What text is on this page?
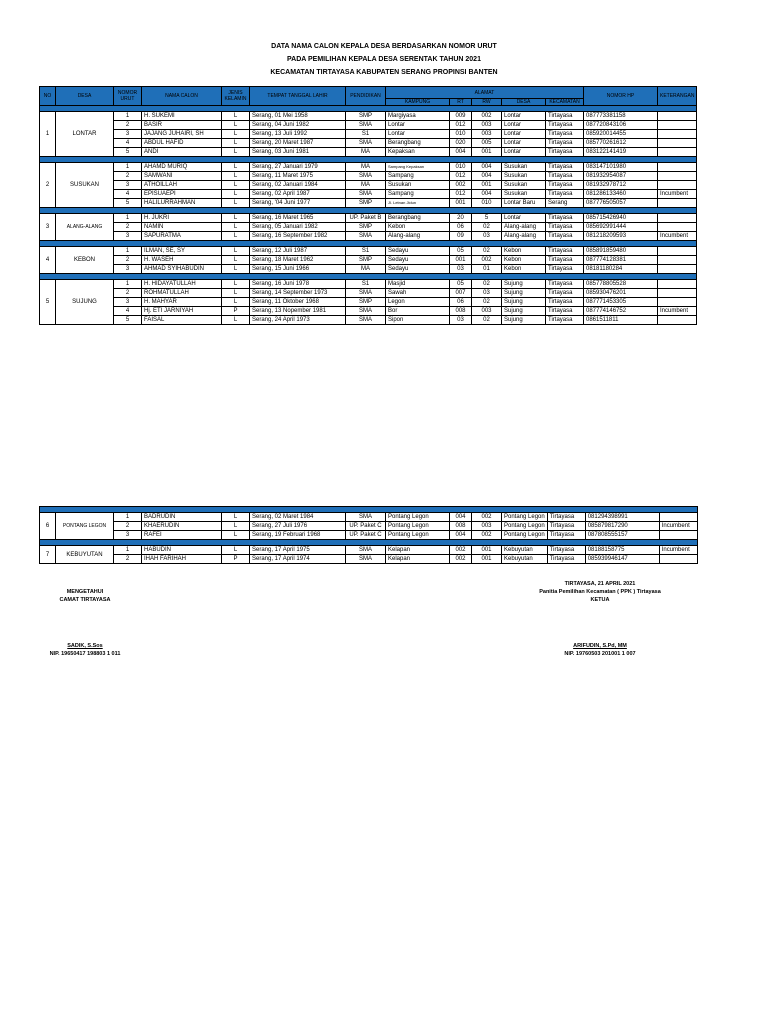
DATA NAMA CALON KEPALA DESA BERDASARKAN NOMOR URUT
PADA PEMILIHAN KEPALA DESA SERENTAK TAHUN 2021
KECAMATAN TIRTAYASA KABUPATEN SERANG PROPINSI BANTEN
NO	DESA	NOMOR URUT	NAMA CALON	JENIS KELAMIN	TEMPAT TANGGAL LAHIR	PENDIDIKAN	ALAMAT					NOMOR HP	KETERANGAN
							KAMPUNG	RT	RW	DESA	KECAMATAN		

1	LONTAR	1	H. SUKEMI	L	Serang, 01 Mei 1958	SMP	Margiyasa	009	002	Lontar	Tirtayasa	087773381158	
		2	BASIR	L	Serang, 04 Juni 1982	SMA	Lontar	012	003	Lontar	Tirtayasa	087720843106	
		3	JAJANG JUHAIRI, SH	L	Serang, 13 Juli 1992	S1	Lontar	010	003	Lontar	Tirtayasa	085920014455	
		4	ABDUL HAFID	L	Serang, 20 Maret 1987	SMA	Berangbang	020	005	Lontar	Tirtayasa	085770261612	
		5	ANDI	L	Serang, 03 Juni 1981	MA	Kepaksan	004	001	Lontar	Tirtayasa	083122141419	

2	SUSUKAN	1	AHAMD MURIQ	L	Serang, 27 Januari 1979	MA	Sampang Kepaksan	010	004	Susukan	Tirtayasa	083147101980	
		2	SAMWANI	L	Serang, 11 Maret 1975	SMA	Sampang	012	004	Susukan	Tirtayasa	081932954087	
		3	ATHOILLAH	L	Serang, 02 Januari 1984	MA	Susukan	002	001	Susukan	Tirtayasa	081932978712	
		4	EPISUAEPI	L	Serang, 02 April 1987	SMA	Sampang	012	004	Susukan	Tirtayasa	081286133460	Incumbent
		5	HALILURRAHMAN	L	Serang, '04 Juni 1977	SMP	Jl. Letnan Jidun	001	010	Lontar Baru	Serang	087776505057	

3	ALANG-ALANG	1	H. JUKRI	L	Serang, 16 Maret 1965	UP. Paket B	Berangbang	20	5	Lontar	Tirtayasa	085715426940	
		2	NAMIN	L	Serang, 05 Januari 1982	SMP	Kebon	06	02	Alang-alang	Tirtayasa	085692991444	
		3	SAPURATMA	L	Serang, 16 September 1982	SMA	Alang-alang	09	03	Alang-alang	Tirtayasa	081218209593	Incumbent

4	KEBON	1	ILMAN, SE, SY	L	Serang, 12 Juli 1987	S1	Sedayu	05	02	Kebon	Tirtayasa	085891859480	
		2	H. WASEH	L	Serang, 18 Maret 1962	SMP	Sedayu	001	002	Kebon	Tirtayasa	087774128381	
		3	AHMAD SYIHABUDIN	L	Serang, 15 Juni 1966	MA	Sedayu	03	01	Kebon	Tirtayasa	08181180284	

5	SUJUNG	1	H. HIDAYATULLAH	L	Serang, 16 Juni 1978	S1	Masjid	05	02	Sujung	Tirtayasa	085778805528	
		2	ROHMATULLAH	L	Serang, 14 September 1973	SMA	Sawah	007	03	Sujung	Tirtayasa	085930476201	
		3	H. MAHYAR	L	Serang, 11 Oktober 1968	SMP	Legon	06	02	Sujung	Tirtayasa	087771453305	
		4	Hj. ETI JARNIYAH	P	Serang, 13 Nopember 1981	SMA	Bor	008	003	Sujung	Tirtayasa	087774146752	Incumbent
		5	FAISAL	L	Serang, 24 April 1973	SMA	Sipon	03	02	Sujung	Tirtayasa	0861511811	

6	PONTANG LEGON	1	BADRUDIN	L	Serang, 02 Maret 1984	SMA	Pontang Legon	004	002	Pontang Legon	Tirtayasa	081294398991	
		2	KHAERUDIN	L	Serang, 27 Juli 1976	UP. Paket C	Pontang Legon	008	003	Pontang Legon	Tirtayasa	085879817290	Incumbent
		3	RAFEI	L	Serang, 19 Februari 1968	UP. Paket C	Pontang Legon	004	002	Pontang Legon	Tirtayasa	087808555157	

7	KEBUYUTAN	1	HABUDIN	L	Serang, 17 April 1975	SMA	Kelapan	002	001	Kebuyutan	Tirtayasa	08188158775	Incumbent
		2	IHAH FARIHAH	P	Serang, 17 April 1974	SMA	Kelapan	002	001	Kebuyutan	Tirtayasa	085939946147	
MENGETAHUI
CAMAT TIRTAYASA
SADIK, S.Sos
NIP. 19650417 198803 1 011
TIRTAYASA, 21 APRIL 2021
Panitia Pemilihan Kecamatan ( PPK ) Tirtayasa
KETUA
ARIFUDIN, S.Pd, MM
NIP. 19760503 201001 1 007
